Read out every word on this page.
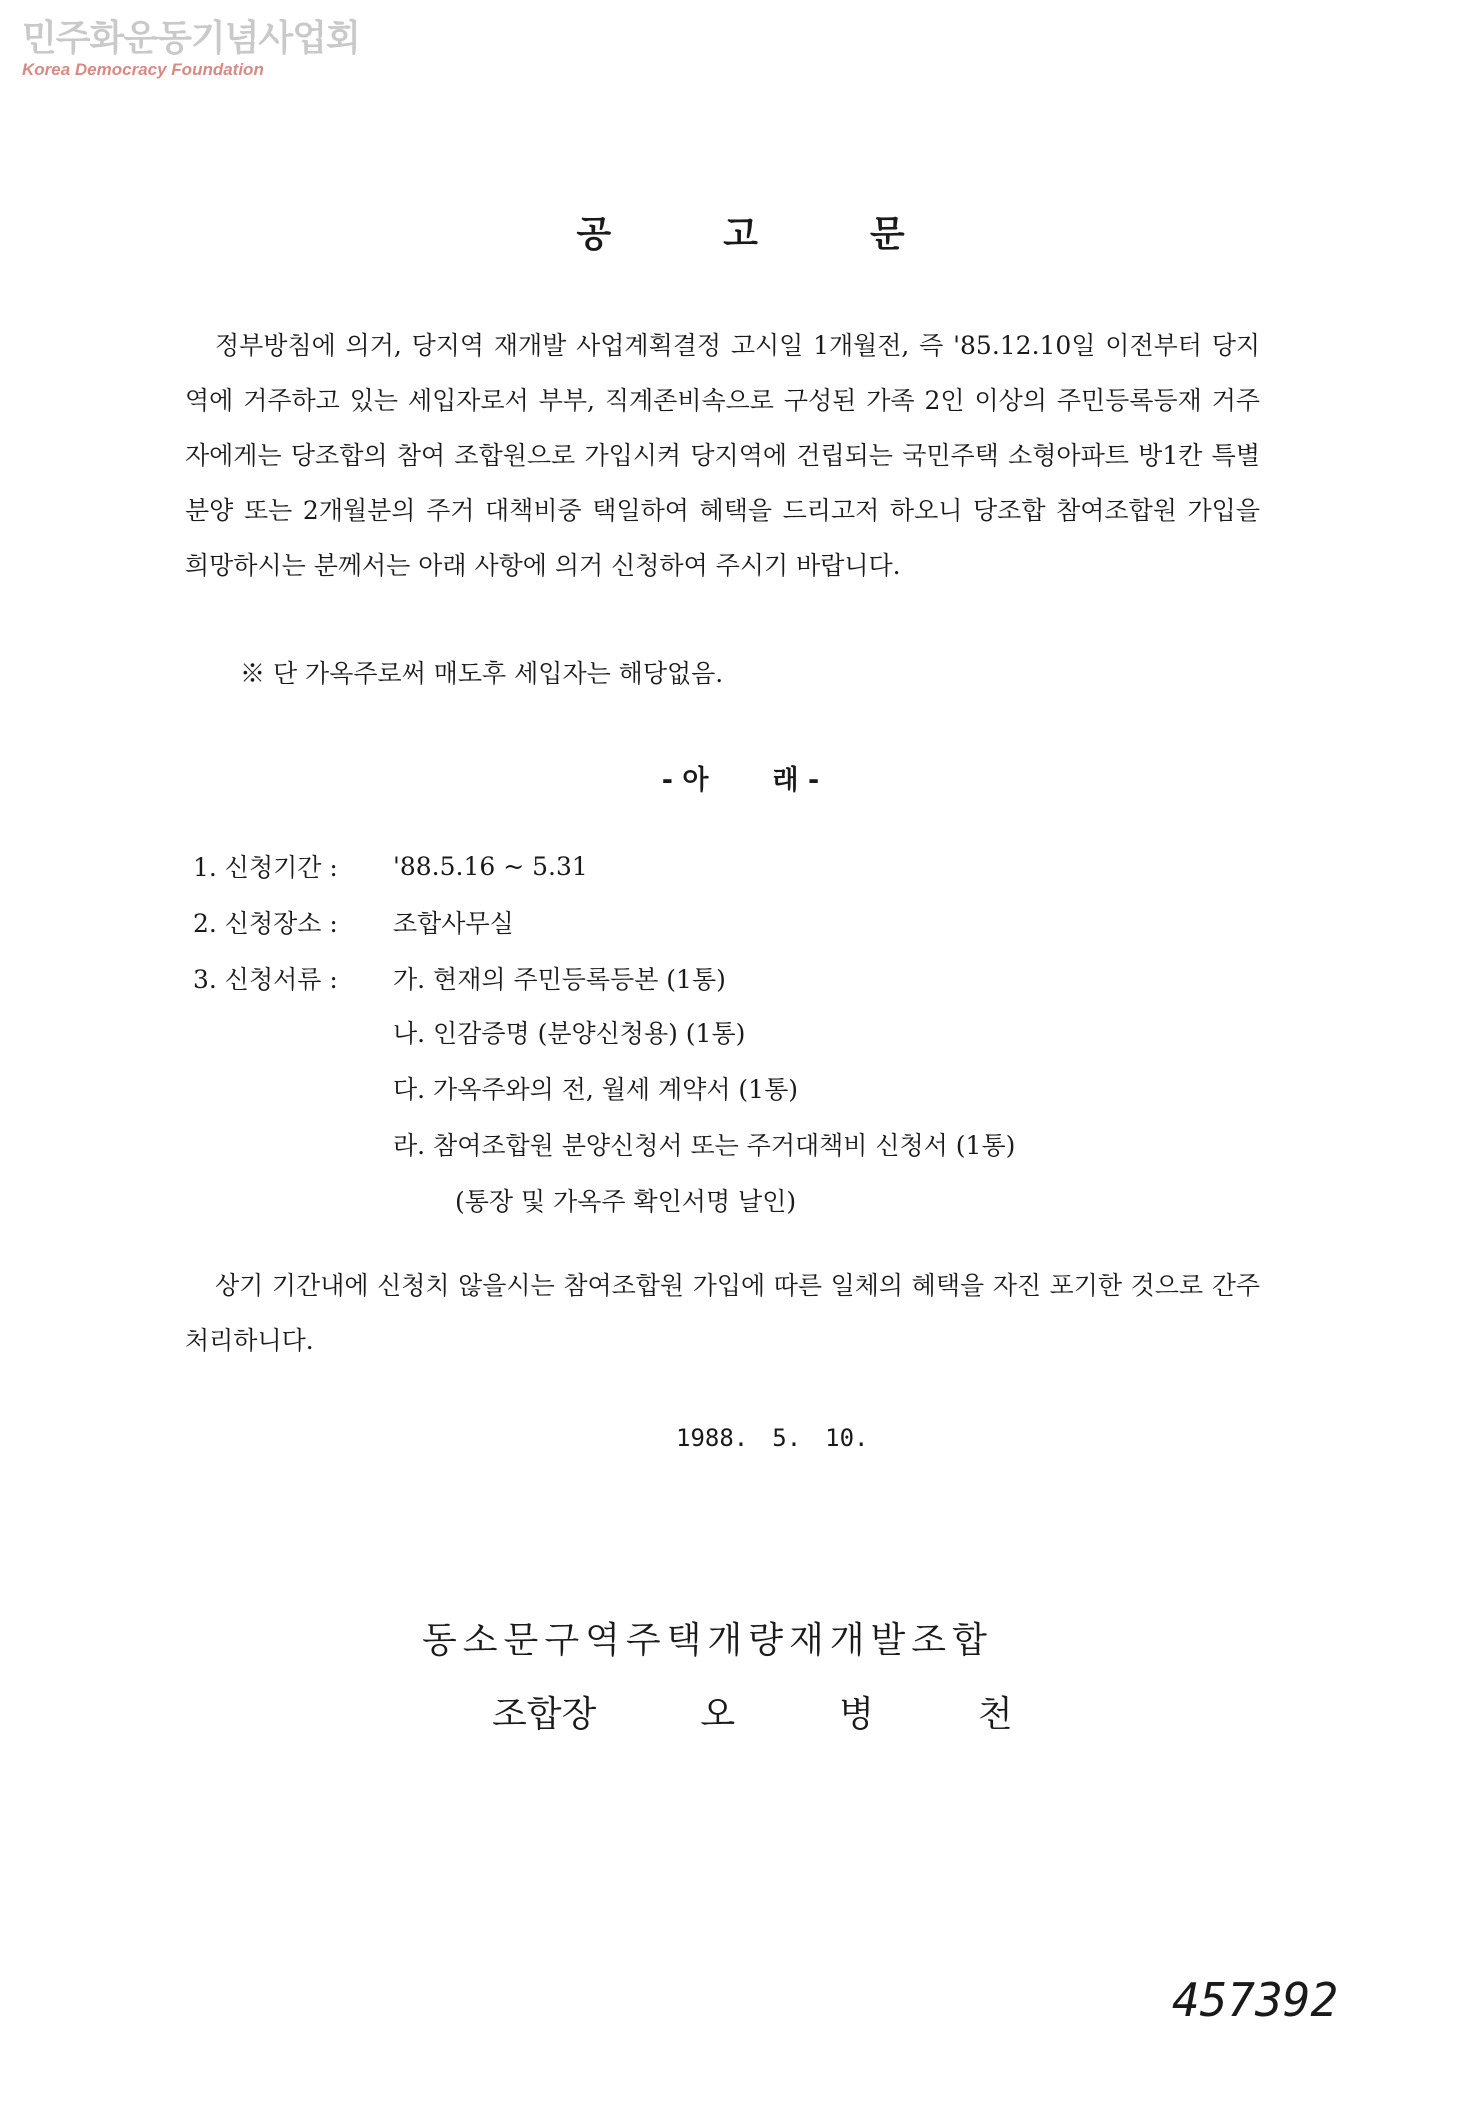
민주화운동기념사업회
Korea Democracy Foundation
공	고	문

정부방침에 의거, 당지역 재개발 사업계획결정 고시일 1개월전, 즉 '85.12.10일 이전부터 당지역에 거주하고 있는 세입자로서 부부, 직계존비속으로 구성된 가족 2인 이상의 주민등록등재 거주자에게는 당조합의 참여 조합원으로 가입시켜 당지역에 건립되는 국민주택 소형아파트 방1칸 특별분양 또는 2개월분의 주거 대책비중 택일하여 혜택을 드리고저 하오니 당조합 참여조합원 가입을 희망하시는 분께서는 아래 사항에 의거 신청하여 주시기 바랍니다.

※ 단 가옥주로써 매도후 세입자는 해당없음.
- 아 래 -
1. 신청기간 :	'88.5.16 ~ 5.31
2. 신청장소 :	조합사무실
3. 신청서류 :	가. 현재의 주민등록등본 (1통)
나. 인감증명 (분양신청용) (1통)
다. 가옥주와의 전, 월세 계약서 (1통)
라. 참여조합원 분양신청서 또는 주거대책비 신청서 (1통)
(통장 및 가옥주 확인서명 날인)

상기 기간내에 신청치 않을시는 참여조합원 가입에 따른 일체의 혜택을 자진 포기한 것으로 간주 처리하니다.

1988. 5. 10.
동소문구역주택개량재개발조합
조합장	오	병	천
457392
